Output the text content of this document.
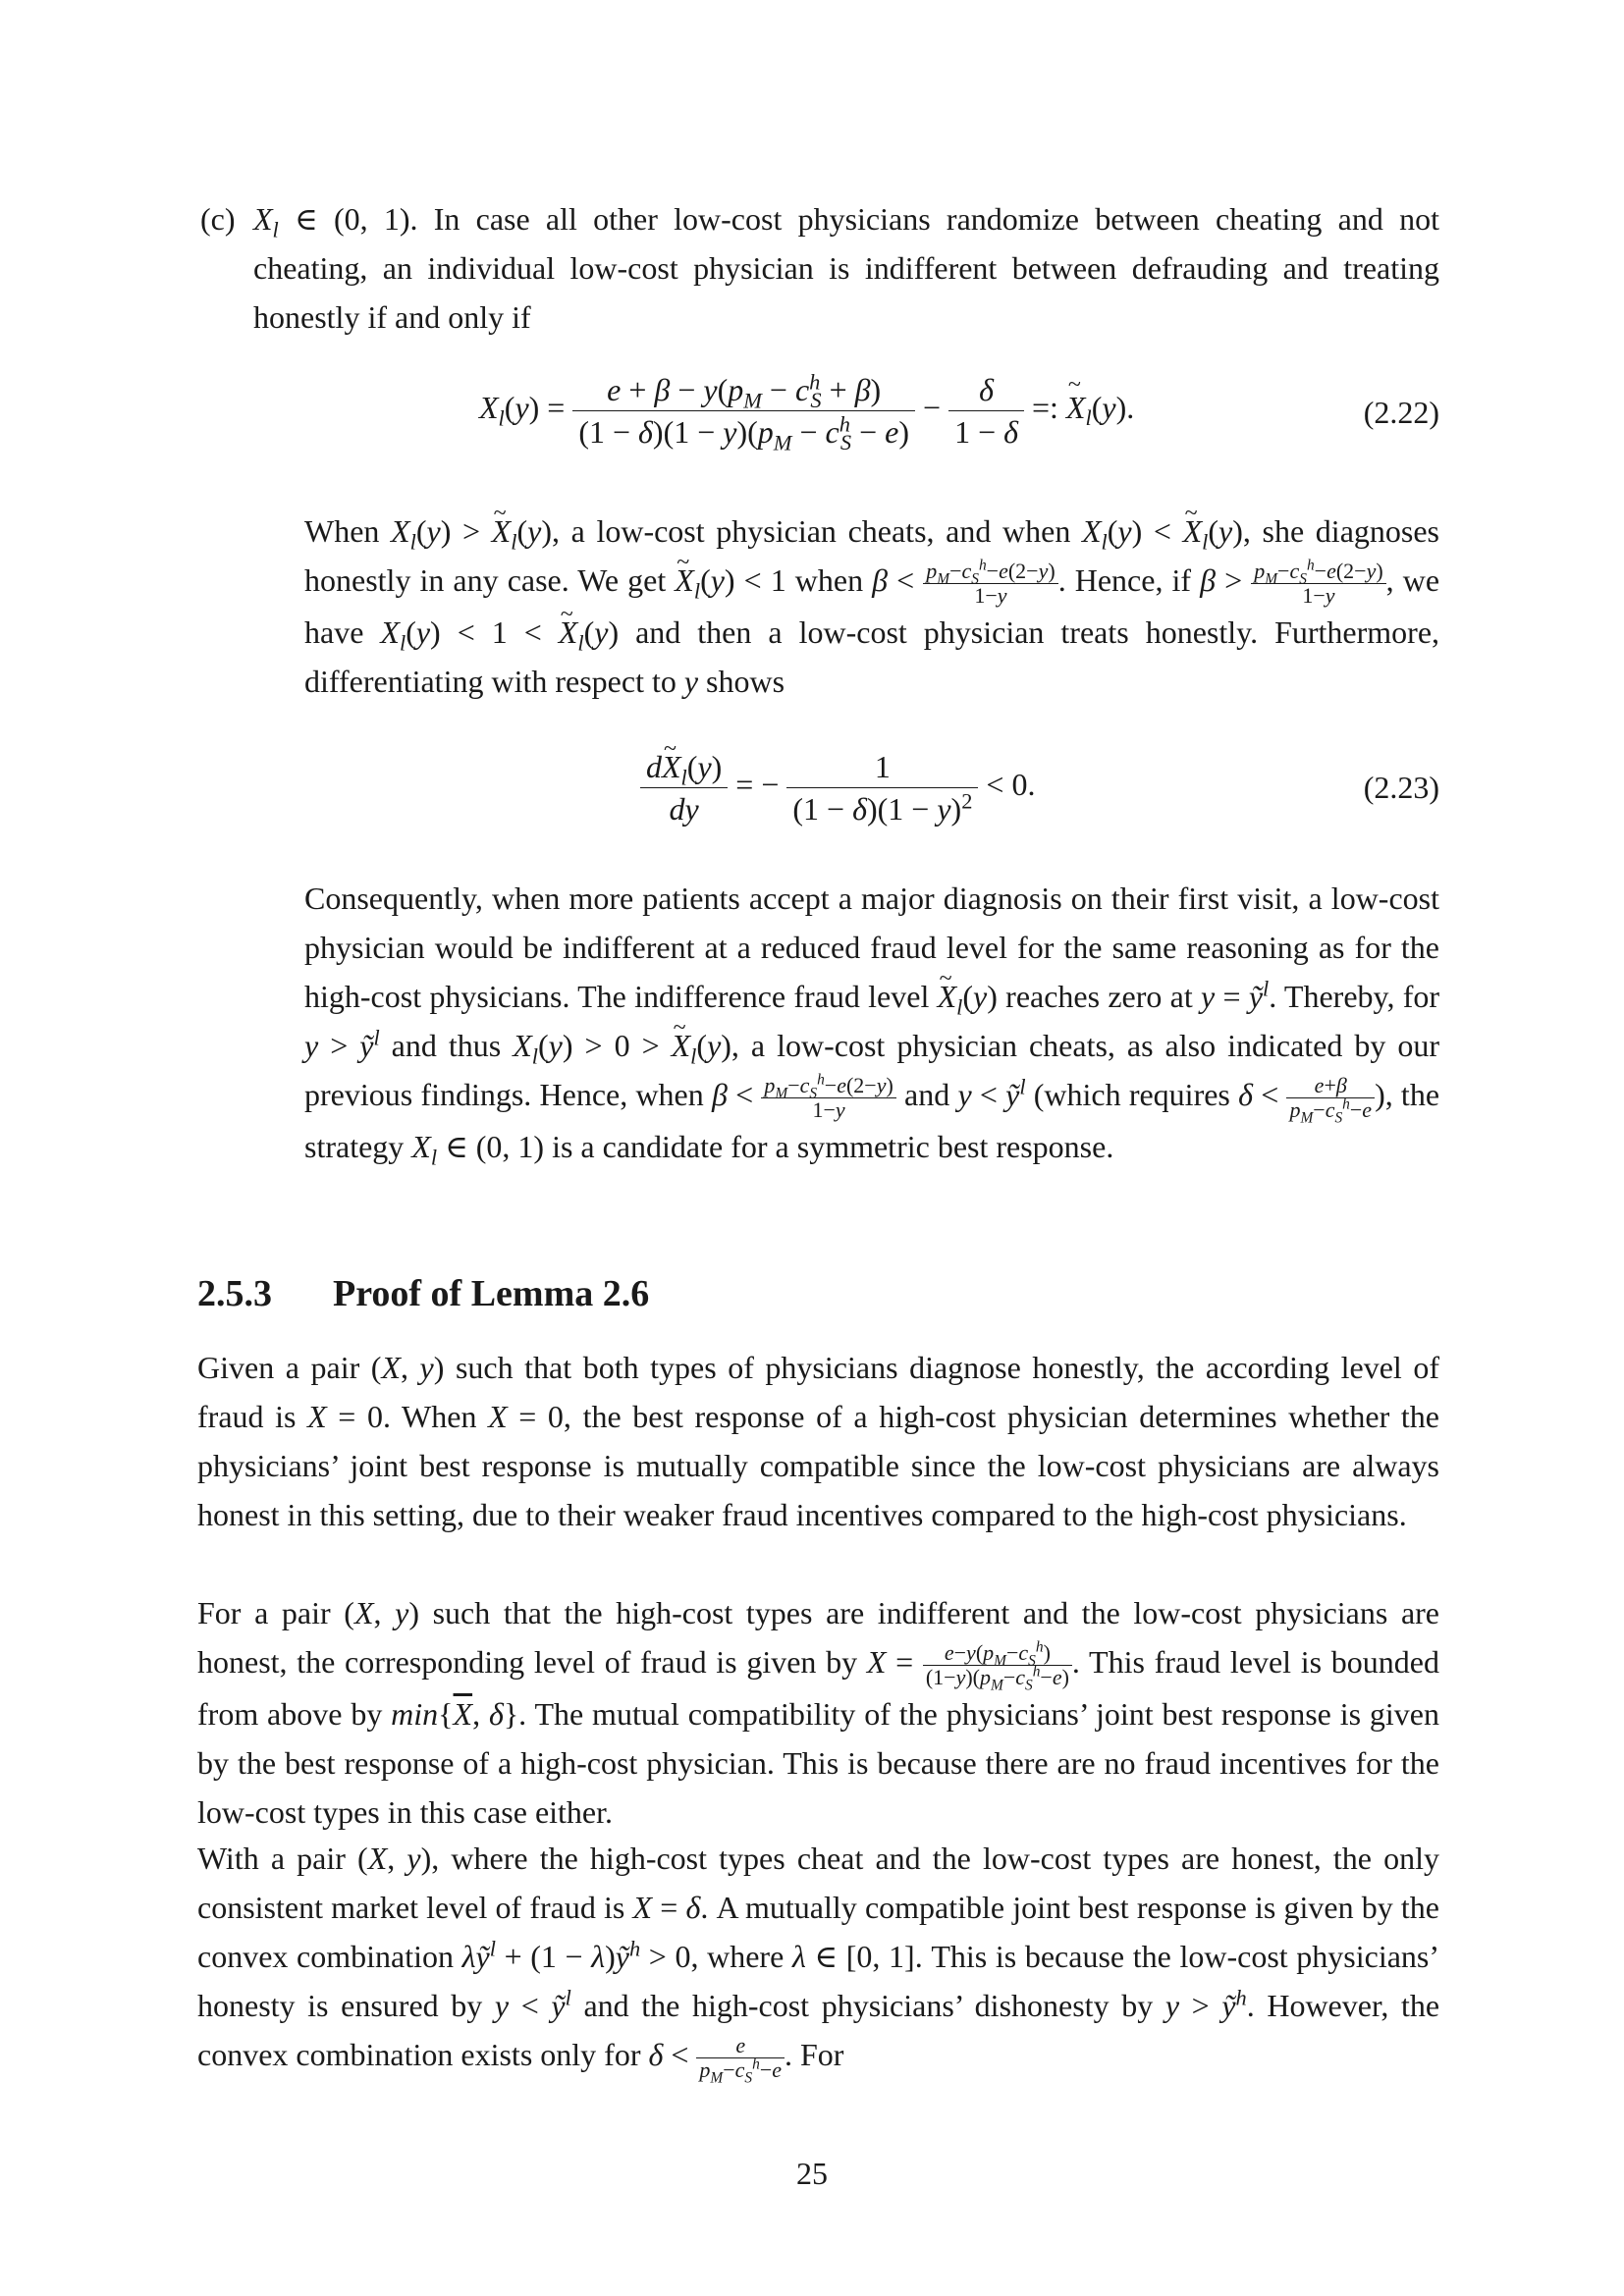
(c) $X_l$ ∈ (0, 1). In case all other low-cost physicians randomize between cheating and not cheating, an individual low-cost physician is indifferent between defrauding and treating honestly if and only if

$X_l(y) = \frac{e + \beta - y(p_M - c^h_S + \beta)}{(1 - \delta)(1 - y)(p_M - c^h_S - e)} - \frac{\delta}{1 - \delta}$ =: ~ $X_l(y)$.	(2.22)

When $X_l(y)$ > ~ $X_l(y)$, a low-cost physician cheats, and when $X_l(y)$ < ~ $X_l(y)$, she diagnoses honestly in any case. We get ~ $X_l(y) < 1$ when $\beta < \frac{p_M-c_S^h-e(2-y)}{1-y}$ . Hence, if $\beta > \frac{p_M-c_S^h-e(2-y)}{1-y}$ , we have $X_l(y) < 1$ < ~ $X_l(y)$ and then a low-cost physician treats honestly. Furthermore, differentiating with respect to y shows

$\frac{d\sim X_l(y)}{dy}$ = − $\frac{1}{(1 - \delta)(1 - y)^2} < 0$.	(2.23)

Consequently, when more patients accept a major diagnosis on their first visit, a low-cost physician would be indifferent at a reduced fraud level for the same reasoning as for the high-cost physicians. The indifference fraud level ~ $X_l(y)$ reaches zero at y = ỹ$^l$. Thereby, for y > ỹ$^l$ and thus $X_l(y) > 0$ > ~ $X_l(y)$, a low-cost physician cheats, as also indicated by our previous findings. Hence, when $\beta < \frac{p_M-c_S^h-e(2-y)}{1-y}$ and y < ỹ$^l$ (which requires $\delta < \frac{e+\beta}{p_M-c_S^h-e}$ ), the strategy $X_l$ ∈ (0, 1) is a candidate for a symmetric best response.

2.5.3 Proof of Lemma 2.6

Given a pair (X, y) such that both types of physicians diagnose honestly, the according level of fraud is X = 0. When X = 0, the best response of a high-cost physician determines whether the physicians’ joint best response is mutually compatible since the low-cost physicians are always honest in this setting, due to their weaker fraud incentives compared to the high-cost physicians.

For a pair (X, y) such that the high-cost types are indifferent and the low-cost physicians are honest, the corresponding level of fraud is given by $X = \frac{e-y(p_M-c_S^h)}{(1-y)(p_M-c_S^h-e)}$ . This fraud level is bounded from above by $\min\{\overline{X}$, δ}. The mutual compatibility of the physicians’ joint best response is given by the best response of a high-cost physician. This is because there are no fraud incentives for the low-cost types in this case either.

With a pair (X, y), where the high-cost types cheat and the low-cost types are honest, the only consistent market level of fraud is X = δ. A mutually compatible joint best response is given by the convex combination λỹ$^l$ + (1 − λ)ỹ$^h$ > 0, where λ ∈ [0, 1]. This is because the low-cost physicians’ honesty is ensured by y < ỹ$^l$ and the high-cost physicians’ dishonesty by y > ỹ$^h$. However, the convex combination exists only for $\delta < \frac{e}{p_M-c_S^h-e}$ . For

25
